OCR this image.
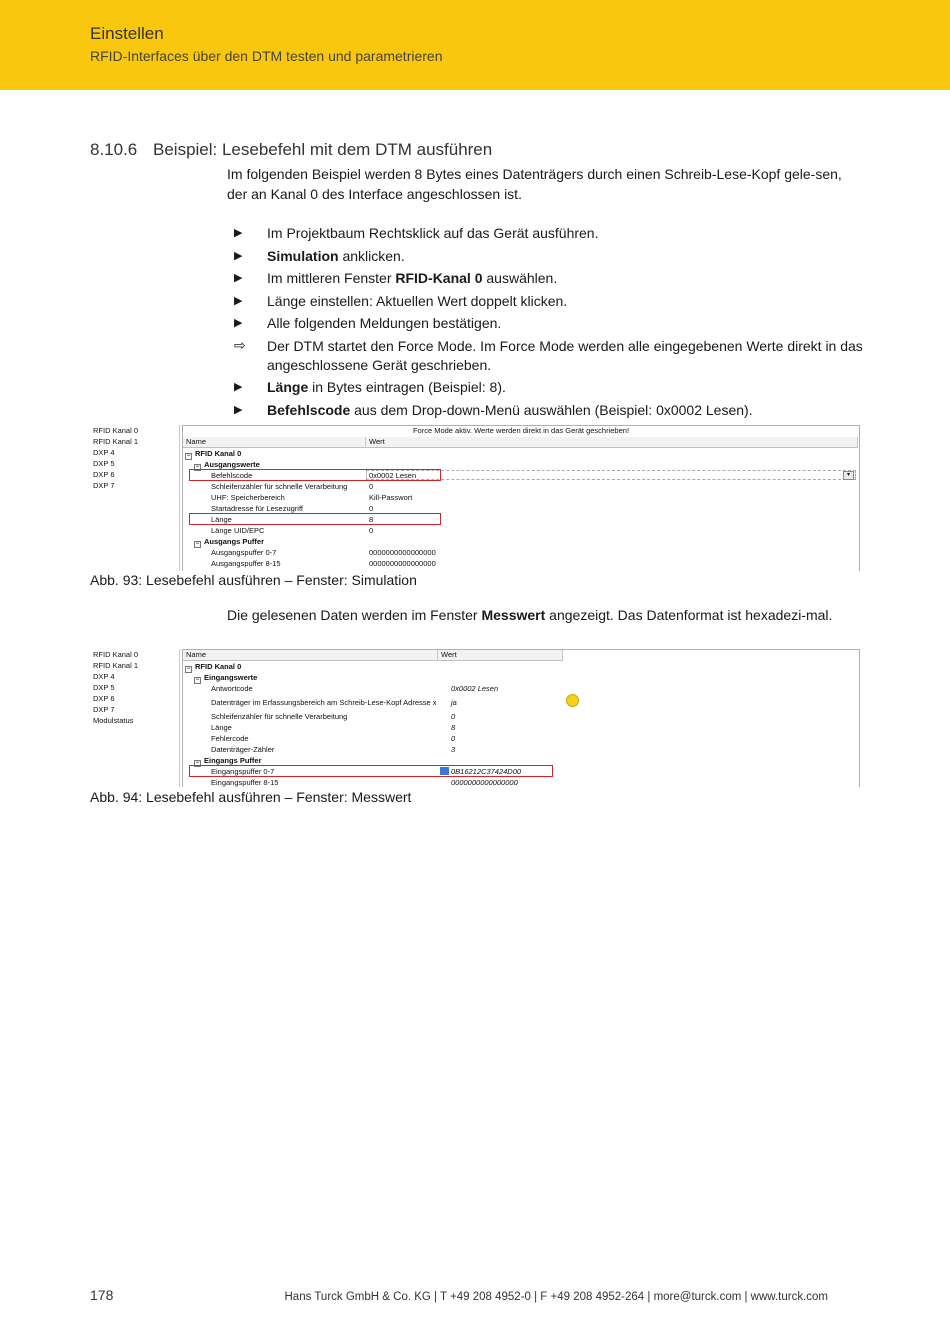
Einstellen
RFID-Interfaces über den DTM testen und parametrieren
8.10.6 Beispiel: Lesebefehl mit dem DTM ausführen
Im folgenden Beispiel werden 8 Bytes eines Datenträgers durch einen Schreib-Lese-Kopf gele-sen, der an Kanal 0 des Interface angeschlossen ist.
▶ Im Projektbaum Rechtsklick auf das Gerät ausführen.
▶ Simulation anklicken.
▶ Im mittleren Fenster RFID-Kanal 0 auswählen.
▶ Länge einstellen: Aktuellen Wert doppelt klicken.
▶ Alle folgenden Meldungen bestätigen.
⇨ Der DTM startet den Force Mode. Im Force Mode werden alle eingegebenen Werte direkt in das angeschlossene Gerät geschrieben.
▶ Länge in Bytes eintragen (Beispiel: 8).
▶ Befehlscode aus dem Drop-down-Menü auswählen (Beispiel: 0x0002 Lesen).
RFID Kanal 0
RFID Kanal 1
DXP 4
DXP 5
DXP 6
DXP 7
Force Mode aktiv. Werte werden direkt in das Gerät geschrieben!
Name	Wert
− RFID Kanal 0
− Ausgangswerte
Befehlscode	0x0002 Lesen
Schleifenzähler für schnelle Verarbeitung	0
UHF: Speicherbereich	Kill-Passwort
Startadresse für Lesezugriff	0
Länge	8
Länge UID/EPC	0
− Ausgangs Puffer
Ausgangspuffer 0-7	0000000000000000
Ausgangspuffer 8-15	0000000000000000
▾
Abb. 93: Lesebefehl ausführen – Fenster: Simulation
Die gelesenen Daten werden im Fenster Messwert angezeigt. Das Datenformat ist hexadezi-mal.
RFID Kanal 0
RFID Kanal 1
DXP 4
DXP 5
DXP 6
DXP 7
Modulstatus
Name	Wert
− RFID Kanal 0
− Eingangswerte
Antwortcode	0x0002 Lesen
Datenträger im Erfassungsbereich am Schreib-Lese-Kopf Adresse x ja
Schleifenzähler für schnelle Verarbeitung	0
Länge	8
Fehlercode	0
Datenträger-Zähler	3
− Eingangs Puffer
Eingangspuffer 0-7	0B16212C37424D00
Eingangspuffer 8-15	0000000000000000
Abb. 94: Lesebefehl ausführen – Fenster: Messwert
178	Hans Turck GmbH & Co. KG | T +49 208 4952-0 | F +49 208 4952-264 | more@turck.com | www.turck.com
